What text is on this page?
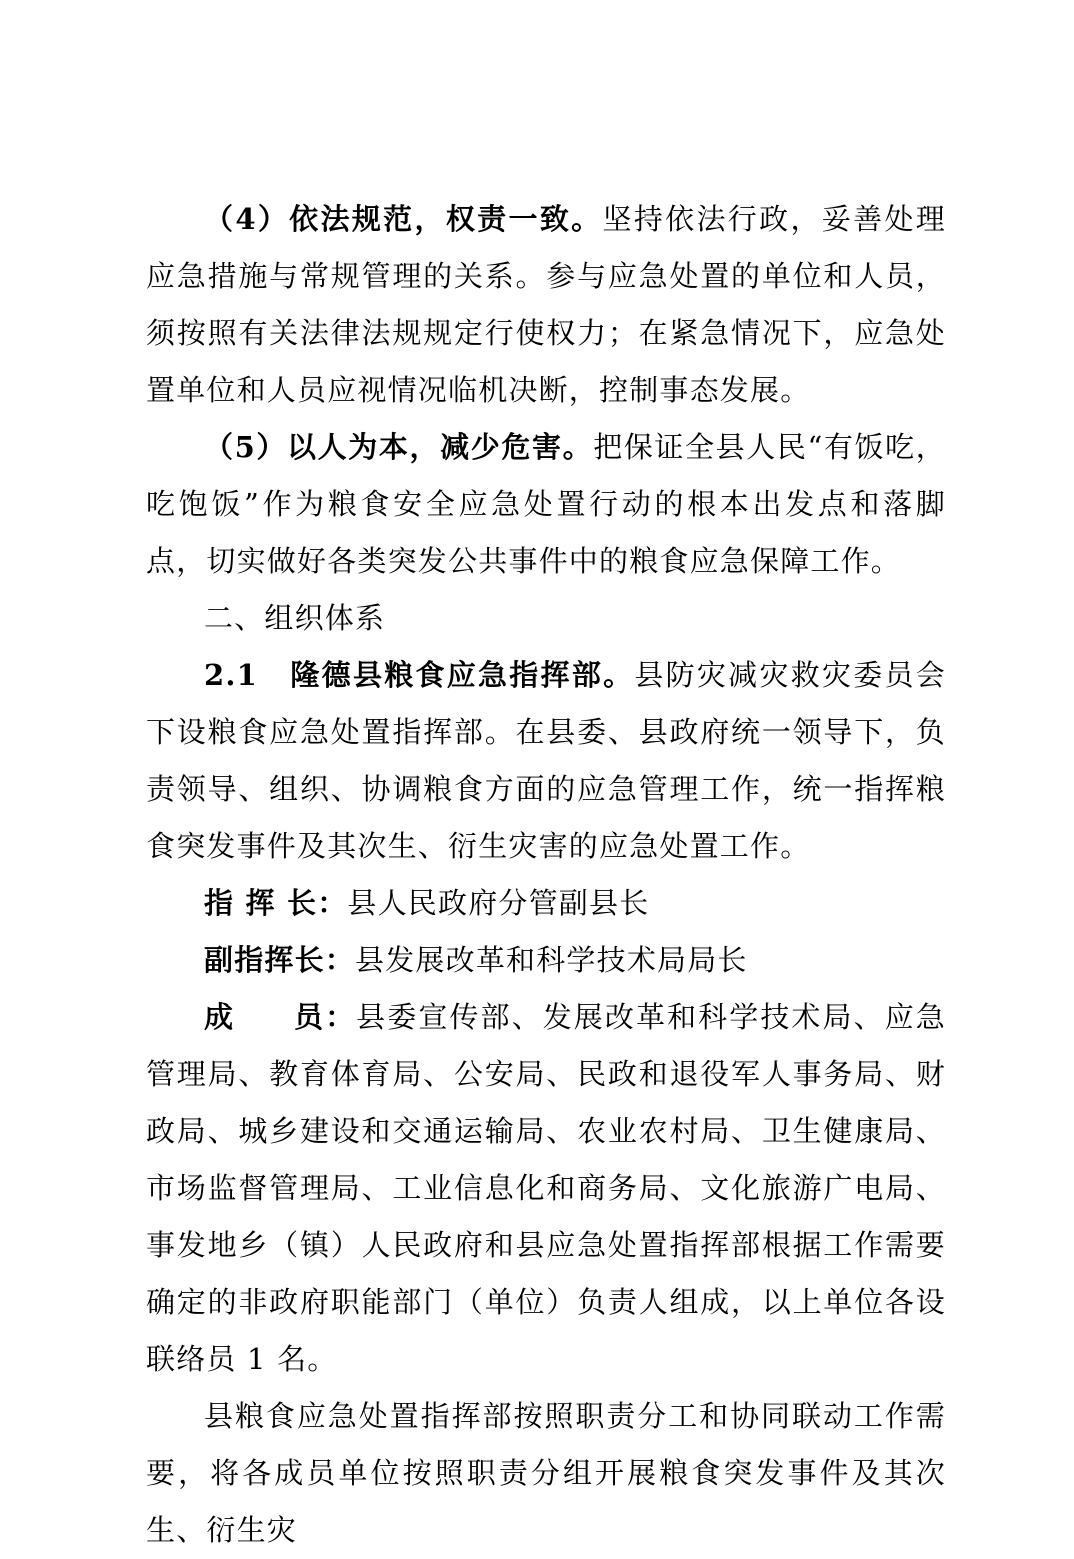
（4）依法规范，权责一致。坚持依法行政，妥善处理应急措施与常规管理的关系。参与应急处置的单位和人员，须按照有关法律法规规定行使权力；在紧急情况下，应急处置单位和人员应视情况临机决断，控制事态发展。

（5）以人为本，减少危害。把保证全县人民“有饭吃，吃饱饭”作为粮食安全应急处置行动的根本出发点和落脚点，切实做好各类突发公共事件中的粮食应急保障工作。

二、组织体系

2.1　 隆德县粮食应急指挥部。县防灾减灾救灾委员会下设粮食应急处置指挥部。在县委、县政府统一领导下，负责领导、组织、协调粮食方面的应急管理工作，统一指挥粮食突发事件及其次生、衍生灾害的应急处置工作。

指 挥 长：县人民政府分管副县长

副指挥长：县发展改革和科学技术局局长

成 员：县委宣传部、发展改革和科学技术局、应急管理局、教育体育局、公安局、民政和退役军人事务局、财政局、城乡建设和交通运输局、农业农村局、卫生健康局、市场监督管理局、工业信息化和商务局、文化旅游广电局、事发地乡（镇）人民政府和县应急处置指挥部根据工作需要确定的非政府职能部门（单位）负责人组成，以上单位各设联络员 1 名。

县粮食应急处置指挥部按照职责分工和协同联动工作需要，将各成员单位按照职责分组开展粮食突发事件及其次生、衍生灾
